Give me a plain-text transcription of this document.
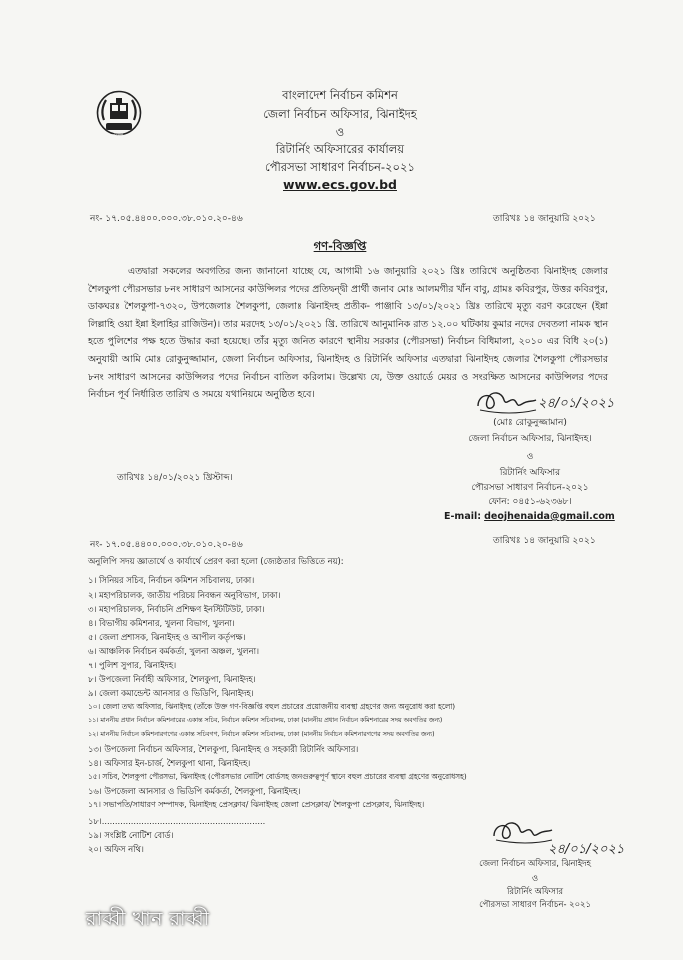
বাংলাদেশ
বাংলাদেশ নির্বাচন কমিশন
জেলা নির্বাচন অফিসার, ঝিনাইদহ
ও
রিটার্নিং অফিসারের কার্যালয়
পৌরসভা সাধারণ নির্বাচন-২০২১
www.ecs.gov.bd
নং- ১৭.০৫.৪৪০০.০০০.৩৮.০১০.২০-৪৬	তারিখঃ ১৪ জানুয়ারি ২০২১
গণ-বিজ্ঞপ্তি

এতদ্বারা সকলের অবগতির জন্য জানানো যাচ্ছে যে, আগামী ১৬ জানুয়ারি ২০২১ খ্রিঃ তারিখে অনুষ্ঠিতব্য ঝিনাইদহ জেলার শৈলকুপা পৌরসভার ৮নং সাধারণ আসনের কাউন্সিলর পদের প্রতিদ্বন্দ্বী প্রার্থী জনাব মোঃ আলমগীর খাঁন বাবু, গ্রামঃ কবিরপুর, উত্তর কবিরপুর, ডাকঘরঃ শৈলকুপা-৭৩২০, উপজেলাঃ শৈলকুপা, জেলাঃ ঝিনাইদহ প্রতীক- পাঞ্জাবি ১৩/০১/২০২১ খ্রিঃ তারিখে মৃত্যু বরণ করেছেন (ইন্না লিল্লাহি ওয়া ইন্না ইলাহির রাজিউন)। তার মরদেহ ১৩/০১/২০২১ খ্রি. তারিখে আনুমানিক রাত ১২.০০ ঘটিকায় কুমার নদের দেবতলা নামক স্থান হতে পুলিশের পক্ষ হতে উদ্ধার করা হয়েছে। তাঁর মৃত্যু জনিত কারণে স্থানীয় সরকার (পৌরসভা) নির্বাচন বিধিমালা, ২০১০ এর বিধি ২০(১) অনুযায়ী আমি মোঃ রোকুনুজ্জামান, জেলা নির্বাচন অফিসার, ঝিনাইদহ ও রিটার্নিং অফিসার এতদ্বারা ঝিনাইদহ জেলার শৈলকুপা পৌরসভার ৮নং সাধারণ আসনের কাউন্সিলর পদের নির্বাচন বাতিল করিলাম। উল্লেখ্য যে, উক্ত ওয়ার্ডে মেয়র ও সংরক্ষিত আসনের কাউন্সিলর পদের নির্বাচন পূর্ব নির্ধারিত তারিখ ও সময়ে যথানিয়মে অনুষ্ঠিত হবে।

২৪/০১/২০২১
(মোঃ রোকুনুজ্জামান)
জেলা নির্বাচন অফিসার, ঝিনাইদহ।
ও
রিটার্নিং অফিসার
পৌরসভা সাধারণ নির্বাচন-২০২১
ফোন: ০৪৫১-৬২৩৬৮।
E-mail: deojhenaida@gmail.com
তারিখঃ ১৪/০১/২০২১ খ্রিস্টাব্দ।
নং- ১৭.০৫.৪৪০০.০০০.৩৮.০১০.২০-৪৬	তারিখঃ ১৪ জানুয়ারি ২০২১
অনুলিপি সদয় জ্ঞাতার্থে ও কার্যার্থে প্রেরণ করা হলো (জ্যেষ্ঠতার ভিত্তিতে নয়):
১। সিনিয়র সচিব, নির্বাচন কমিশন সচিবালয়, ঢাকা।
২। মহাপরিচালক, জাতীয় পরিচয় নিবন্ধন অনুবিভাগ, ঢাকা।
৩। মহাপরিচালক, নির্বাচনি প্রশিক্ষণ ইনস্টিটিউট, ঢাকা।
৪। বিভাগীয় কমিশনার, খুলনা বিভাগ, খুলনা।
৫। জেলা প্রশাসক, ঝিনাইদহ ও আপীল কর্তৃপক্ষ।
৬। আঞ্চলিক নির্বাচন কর্মকর্তা, খুলনা অঞ্চল, খুলনা।
৭। পুলিশ সুপার, ঝিনাইদহ।
৮। উপজেলা নির্বাহী অফিসার, শৈলকুপা, ঝিনাইদহ।
৯। জেলা কমান্ডেন্ট আনসার ও ভিডিপি, ঝিনাইদহ।
১০। জেলা তথ্য অফিসার, ঝিনাইদহ (তাঁকে উক্ত গণ-বিজ্ঞপ্তি বহুল প্রচারের প্রয়োজনীয় ব্যবস্থা গ্রহণের জন্য অনুরোধ করা হলো)
১১। মাননীয় প্রধান নির্বাচন কমিশনারের একান্ত সচিব, নির্বাচন কমিশন সচিবালয়, ঢাকা (মাননীয় প্রধান নির্বাচন কমিশনারের সদয় অবগতির জন্য)
১২। মাননীয় নির্বাচন কমিশনারগণের একান্ত সচিবগণ, নির্বাচন কমিশন সচিবালয়, ঢাকা (মাননীয় নির্বাচন কমিশনারগণের সদয় অবগতির জন্য)
১৩। উপজেলা নির্বাচন অফিসার, শৈলকুপা, ঝিনাইদহ ও সহকারী রিটার্নিং অফিসার।
১৪। অফিসার ইন-চার্জ, শৈলকুপা থানা, ঝিনাইদহ।
১৫। সচিব, শৈলকুপা পৌরসভা, ঝিনাইদহ (পৌরসভার নোটিশ বোর্ডসহ জনগুরুত্বপূর্ণ স্থানে বহুল প্রচারের ব্যবস্থা গ্রহণের অনুরোধসহ)
১৬। উপজেলা আনসার ও ভিডিপি কর্মকর্তা, শৈলকুপা, ঝিনাইদহ।
১৭। সভাপতি/সাধারণ সম্পাদক, ঝিনাইদহ প্রেসক্লাব/ ঝিনাইদহ জেলা প্রেসক্লাব/ শৈলকুপা প্রেসক্লাব, ঝিনাইদহ।
১৮।..............................................................
১৯। সংশ্লিষ্ট নোটিশ বোর্ড।
২০। অফিস নথি।	২৪/০১/২০২১
জেলা নির্বাচন অফিসার, ঝিনাইদহ
ও
রিটার্নিং অফিসার
পৌরসভা সাধারণ নির্বাচন- ২০২১
রাব্বী খান রাব্বী
